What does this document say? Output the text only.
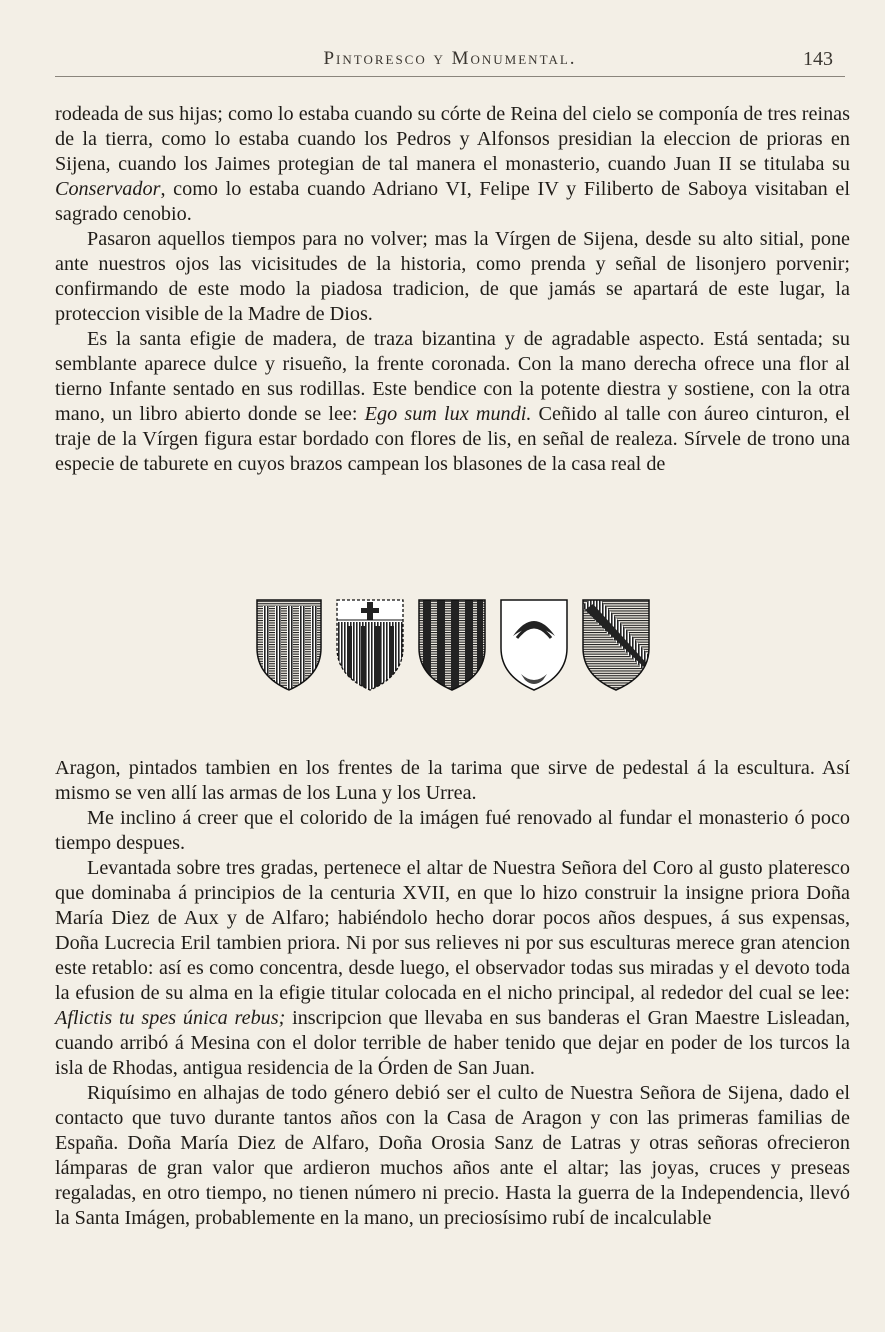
Pintoresco y Monumental.	143

rodeada de sus hijas; como lo estaba cuando su córte de Reina del cielo se componía de tres reinas de la tierra, como lo estaba cuando los Pedros y Alfonsos presidian la eleccion de prioras en Sijena, cuando los Jaimes protegian de tal manera el monasterio, cuando Juan II se titulaba su Conservador, como lo estaba cuando Adriano VI, Felipe IV y Filiberto de Saboya visitaban el sagrado cenobio.

Pasaron aquellos tiempos para no volver; mas la Vírgen de Sijena, desde su alto sitial, pone ante nuestros ojos las vicisitudes de la historia, como prenda y señal de lisonjero porvenir; confirmando de este modo la piadosa tradicion, de que jamás se apartará de este lugar, la proteccion visible de la Madre de Dios.

Es la santa efigie de madera, de traza bizantina y de agradable aspecto. Está sentada; su semblante aparece dulce y risueño, la frente coronada. Con la mano derecha ofrece una flor al tierno Infante sentado en sus rodillas. Este bendice con la potente diestra y sostiene, con la otra mano, un libro abierto donde se lee: Ego sum lux mundi. Ceñido al talle con áureo cinturon, el traje de la Vírgen figura estar bordado con flores de lis, en señal de realeza. Sírvele de trono una especie de taburete en cuyos brazos campean los blasones de la casa real de

Aragon, pintados tambien en los frentes de la tarima que sirve de pedestal á la escultura. Así mismo se ven allí las armas de los Luna y los Urrea.

Me inclino á creer que el colorido de la imágen fué renovado al fundar el monasterio ó poco tiempo despues.

Levantada sobre tres gradas, pertenece el altar de Nuestra Señora del Coro al gusto plateresco que dominaba á principios de la centuria XVII, en que lo hizo construir la insigne priora Doña María Diez de Aux y de Alfaro; habiéndolo hecho dorar pocos años despues, á sus expensas, Doña Lucrecia Eril tambien priora. Ni por sus relieves ni por sus esculturas merece gran atencion este retablo: así es como concentra, desde luego, el observador todas sus miradas y el devoto toda la efusion de su alma en la efigie titular colocada en el nicho principal, al rededor del cual se lee: Aflictis tu spes única rebus; inscripcion que llevaba en sus banderas el Gran Maestre Lisleadan, cuando arribó á Mesina con el dolor terrible de haber tenido que dejar en poder de los turcos la isla de Rhodas, antigua residencia de la Órden de San Juan.

Riquísimo en alhajas de todo género debió ser el culto de Nuestra Señora de Sijena, dado el contacto que tuvo durante tantos años con la Casa de Aragon y con las primeras familias de España. Doña María Diez de Alfaro, Doña Orosia Sanz de Latras y otras señoras ofrecieron lámparas de gran valor que ardieron muchos años ante el altar; las joyas, cruces y preseas regaladas, en otro tiempo, no tienen número ni precio. Hasta la guerra de la Independencia, llevó la Santa Imágen, probablemente en la mano, un preciosísimo rubí de incalculable
